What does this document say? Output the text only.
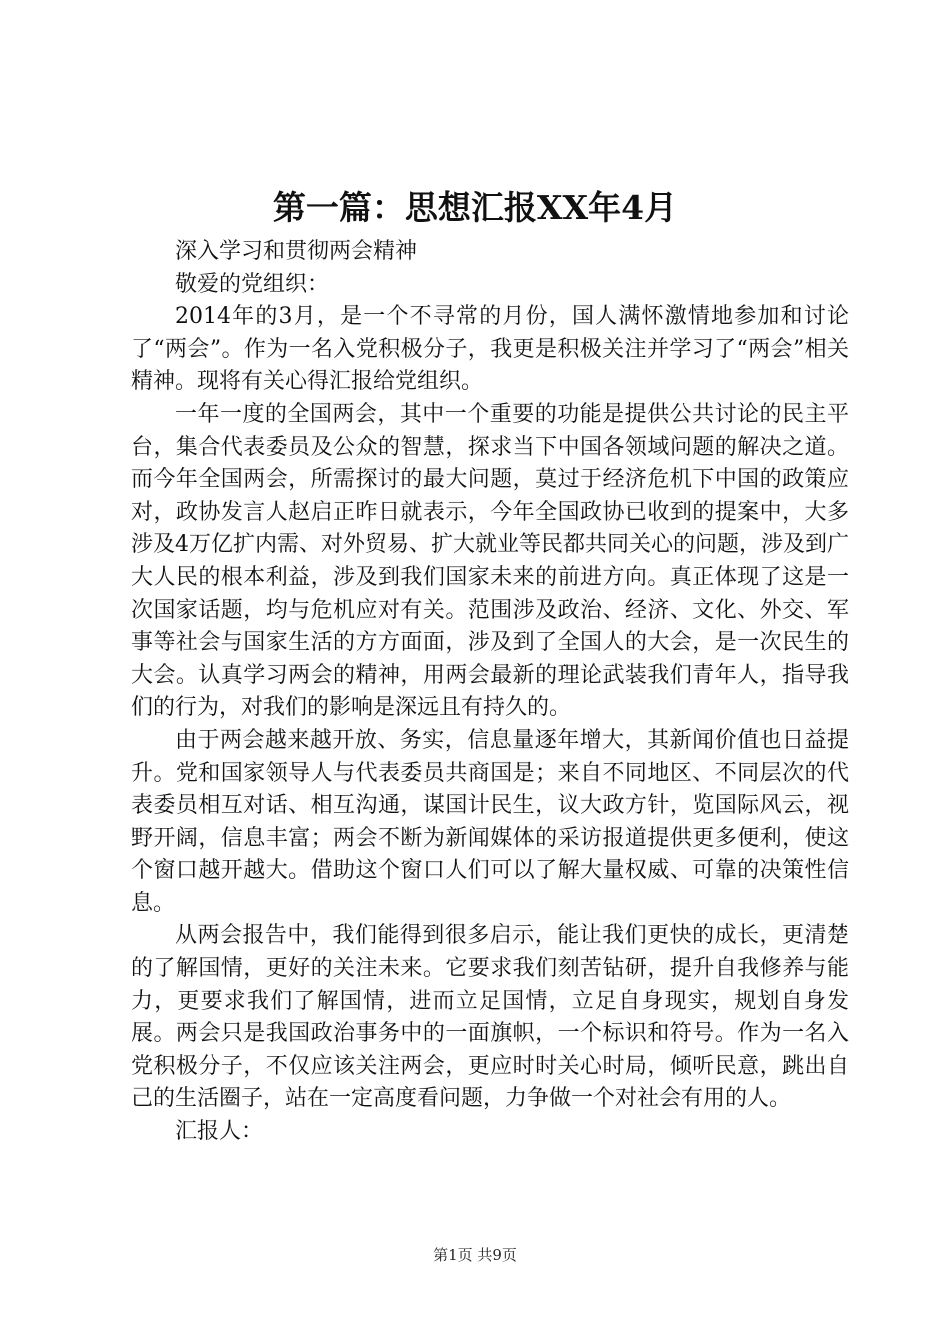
第一篇：思想汇报XX年4月

深入学习和贯彻两会精神

敬爱的党组织：

2014年的3月，是一个不寻常的月份，国人满怀激情地参加和讨论了“两会”。作为一名入党积极分子，我更是积极关注并学习了“两会”相关精神。现将有关心得汇报给党组织。

一年一度的全国两会，其中一个重要的功能是提供公共讨论的民主平台，集合代表委员及公众的智慧，探求当下中国各领域问题的解决之道。而今年全国两会，所需探讨的最大问题，莫过于经济危机下中国的政策应对，政协发言人赵启正昨日就表示，今年全国政协已收到的提案中，大多涉及4万亿扩内需、对外贸易、扩大就业等民都共同关心的问题，涉及到广大人民的根本利益，涉及到我们国家未来的前进方向。真正体现了这是一次国家话题，均与危机应对有关。范围涉及政治、经济、文化、外交、军事等社会与国家生活的方方面面，涉及到了全国人的大会，是一次民生的大会。认真学习两会的精神，用两会最新的理论武装我们青年人，指导我们的行为，对我们的影响是深远且有持久的。

由于两会越来越开放、务实，信息量逐年增大，其新闻价值也日益提升。党和国家领导人与代表委员共商国是；来自不同地区、不同层次的代表委员相互对话、相互沟通，谋国计民生，议大政方针，览国际风云，视野开阔，信息丰富；两会不断为新闻媒体的采访报道提供更多便利，使这个窗口越开越大。借助这个窗口人们可以了解大量权威、可靠的决策性信息。

从两会报告中，我们能得到很多启示，能让我们更快的成长，更清楚的了解国情，更好的关注未来。它要求我们刻苦钻研，提升自我修养与能力，更要求我们了解国情，进而立足国情，立足自身现实，规划自身发展。两会只是我国政治事务中的一面旗帜，一个标识和符号。作为一名入党积极分子，不仅应该关注两会，更应时时关心时局，倾听民意，跳出自己的生活圈子，站在一定高度看问题，力争做一个对社会有用的人。

汇报人：

第1页 共9页
